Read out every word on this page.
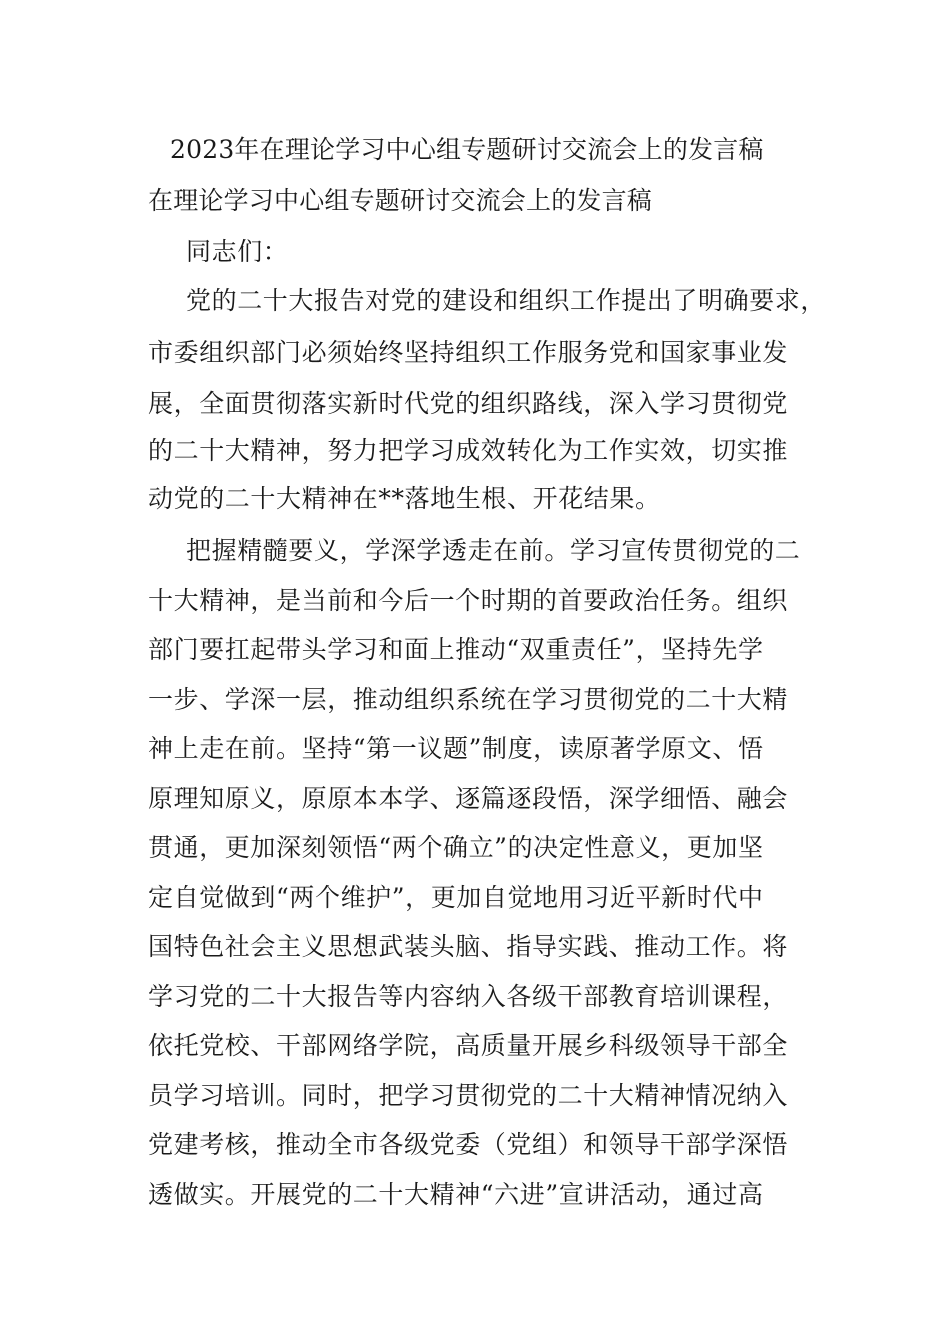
2023年在理论学习中心组专题研讨交流会上的发言稿
在理论学习中心组专题研讨交流会上的发言稿
同志们：
党的二十大报告对党的建设和组织工作提出了明确要求，
市委组织部门必须始终坚持组织工作服务党和国家事业发
展，全面贯彻落实新时代党的组织路线，深入学习贯彻党
的二十大精神，努力把学习成效转化为工作实效，切实推
动党的二十大精神在**落地生根、开花结果。
把握精髓要义，学深学透走在前。学习宣传贯彻党的二
十大精神，是当前和今后一个时期的首要政治任务。组织
部门要扛起带头学习和面上推动“双重责任”，坚持先学
一步、学深一层，推动组织系统在学习贯彻党的二十大精
神上走在前。坚持“第一议题”制度，读原著学原文、悟
原理知原义，原原本本学、逐篇逐段悟，深学细悟、融会
贯通，更加深刻领悟“两个确立”的决定性意义，更加坚
定自觉做到“两个维护”，更加自觉地用习近平新时代中
国特色社会主义思想武装头脑、指导实践、推动工作。将
学习党的二十大报告等内容纳入各级干部教育培训课程，
依托党校、干部网络学院，高质量开展乡科级领导干部全
员学习培训。同时，把学习贯彻党的二十大精神情况纳入
党建考核，推动全市各级党委（党组）和领导干部学深悟
透做实。开展党的二十大精神“六进”宣讲活动，通过高
